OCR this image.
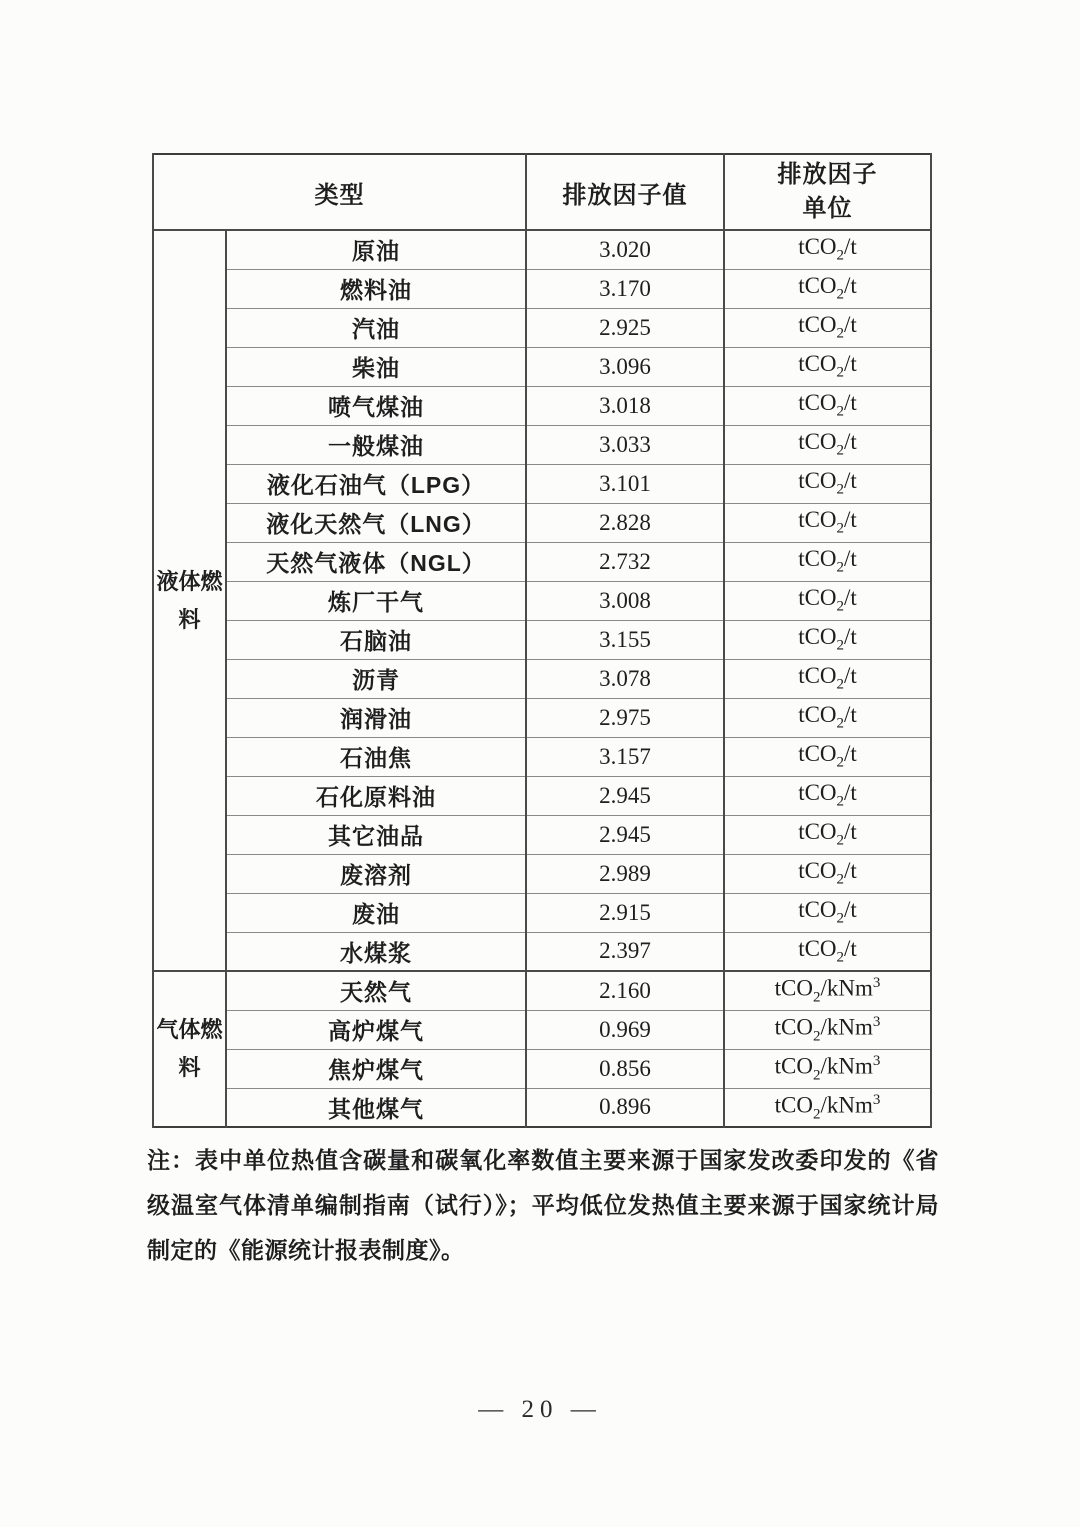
类型		排放因子值	排放因子
单位

液体燃料	原油	3.020	tCO$_2$/t
	燃料油	3.170	tCO$_2$/t
	汽油	2.925	tCO$_2$/t
	柴油	3.096	tCO$_2$/t
	喷气煤油	3.018	tCO$_2$/t
	一般煤油	3.033	tCO$_2$/t
	液化石油气（LPG）	3.101	tCO$_2$/t
	液化天然气（LNG）	2.828	tCO$_2$/t
	天然气液体（NGL）	2.732	tCO$_2$/t
	炼厂干气	3.008	tCO$_2$/t
	石脑油	3.155	tCO$_2$/t
	沥青	3.078	tCO$_2$/t
	润滑油	2.975	tCO$_2$/t
	石油焦	3.157	tCO$_2$/t
	石化原料油	2.945	tCO$_2$/t
	其它油品	2.945	tCO$_2$/t
	废溶剂	2.989	tCO$_2$/t
	废油	2.915	tCO$_2$/t
	水煤浆	2.397	tCO$_2$/t
气体燃料	天然气	2.160	tCO$_2$/kNm$^3$
	高炉煤气	0.969	tCO$_2$/kNm$^3$
	焦炉煤气	0.856	tCO$_2$/kNm$^3$
	其他煤气	0.896	tCO$_2$/kNm$^3$
注：表中单位热值含碳量和碳氧化率数值主要来源于国家发改委印发的《省级温室气体清单编制指南（试行）》；平均低位发热值主要来源于国家统计局制定的《能源统计报表制度》。
— 20 —
